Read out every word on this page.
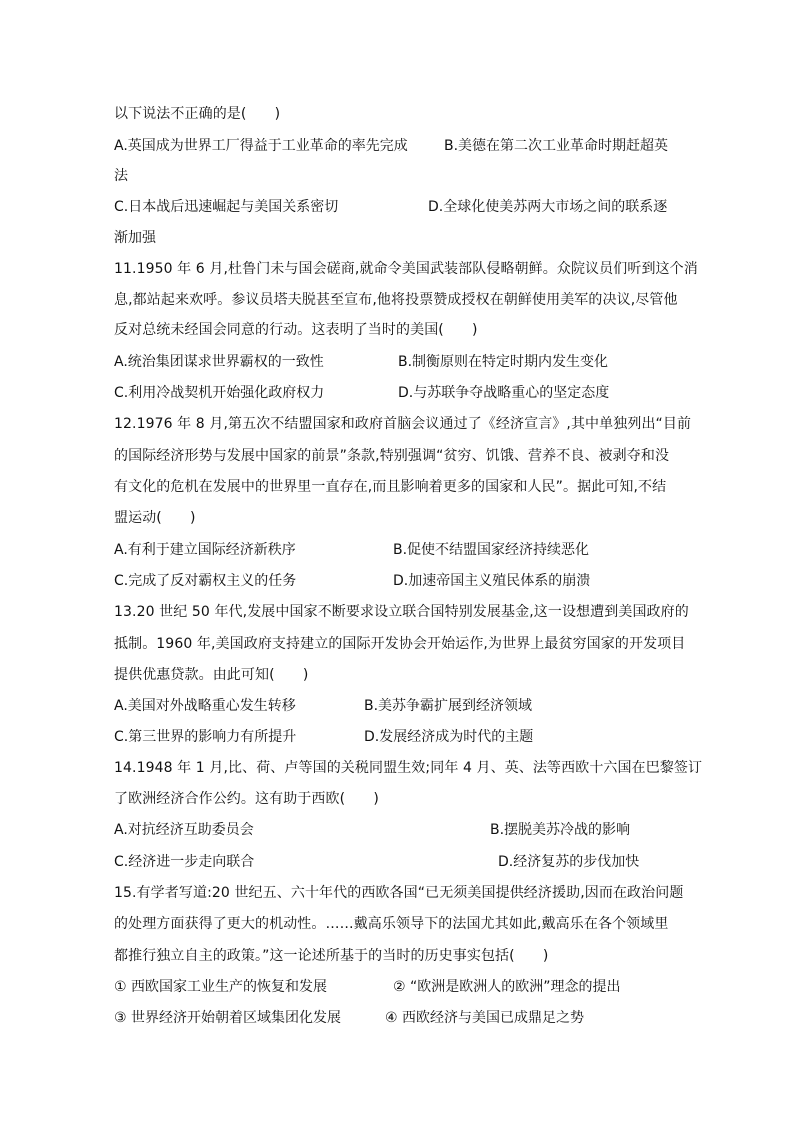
以下说法不正确的是(　　)
A.英国成为世界工厂得益于工业革命的率先完成	B.美德在第二次工业革命时期赶超英
法
C.日本战后迅速崛起与美国关系密切	D.全球化使美苏两大市场之间的联系逐
渐加强
11.1950 年 6 月,杜鲁门未与国会磋商,就命令美国武装部队侵略朝鲜。众院议员们听到这个消
息,都站起来欢呼。参议员塔夫脱甚至宣布,他将投票赞成授权在朝鲜使用美军的决议,尽管他
反对总统未经国会同意的行动。这表明了当时的美国(　　)
A.统治集团谋求世界霸权的一致性	B.制衡原则在特定时期内发生变化
C.利用冷战契机开始强化政府权力	D.与苏联争夺战略重心的坚定态度
12.1976 年 8 月,第五次不结盟国家和政府首脑会议通过了《经济宣言》,其中单独列出“目前
的国际经济形势与发展中国家的前景”条款,特别强调“贫穷、饥饿、营养不良、被剥夺和没
有文化的危机在发展中的世界里一直存在,而且影响着更多的国家和人民”。据此可知,不结
盟运动(　　)
A.有利于建立国际经济新秩序	B.促使不结盟国家经济持续恶化
C.完成了反对霸权主义的任务	D.加速帝国主义殖民体系的崩溃
13.20 世纪 50 年代,发展中国家不断要求设立联合国特别发展基金,这一设想遭到美国政府的
抵制。1960 年,美国政府支持建立的国际开发协会开始运作,为世界上最贫穷国家的开发项目
提供优惠贷款。由此可知(　　)
A.美国对外战略重心发生转移	B.美苏争霸扩展到经济领域
C.第三世界的影响力有所提升	D.发展经济成为时代的主题
14.1948 年 1 月,比、荷、卢等国的关税同盟生效;同年 4 月、英、法等西欧十六国在巴黎签订
了欧洲经济合作公约。这有助于西欧(　　)
A.对抗经济互助委员会	B.摆脱美苏冷战的影响
C.经济进一步走向联合	D.经济复苏的步伐加快
15.有学者写道:20 世纪五、六十年代的西欧各国“已无须美国提供经济援助,因而在政治问题
的处理方面获得了更大的机动性。……戴高乐领导下的法国尤其如此,戴高乐在各个领域里
都推行独立自主的政策。”这一论述所基于的当时的历史事实包括(　　)
① 西欧国家工业生产的恢复和发展	② “欧洲是欧洲人的欧洲”理念的提出
③ 世界经济开始朝着区域集团化发展	④ 西欧经济与美国已成鼎足之势
